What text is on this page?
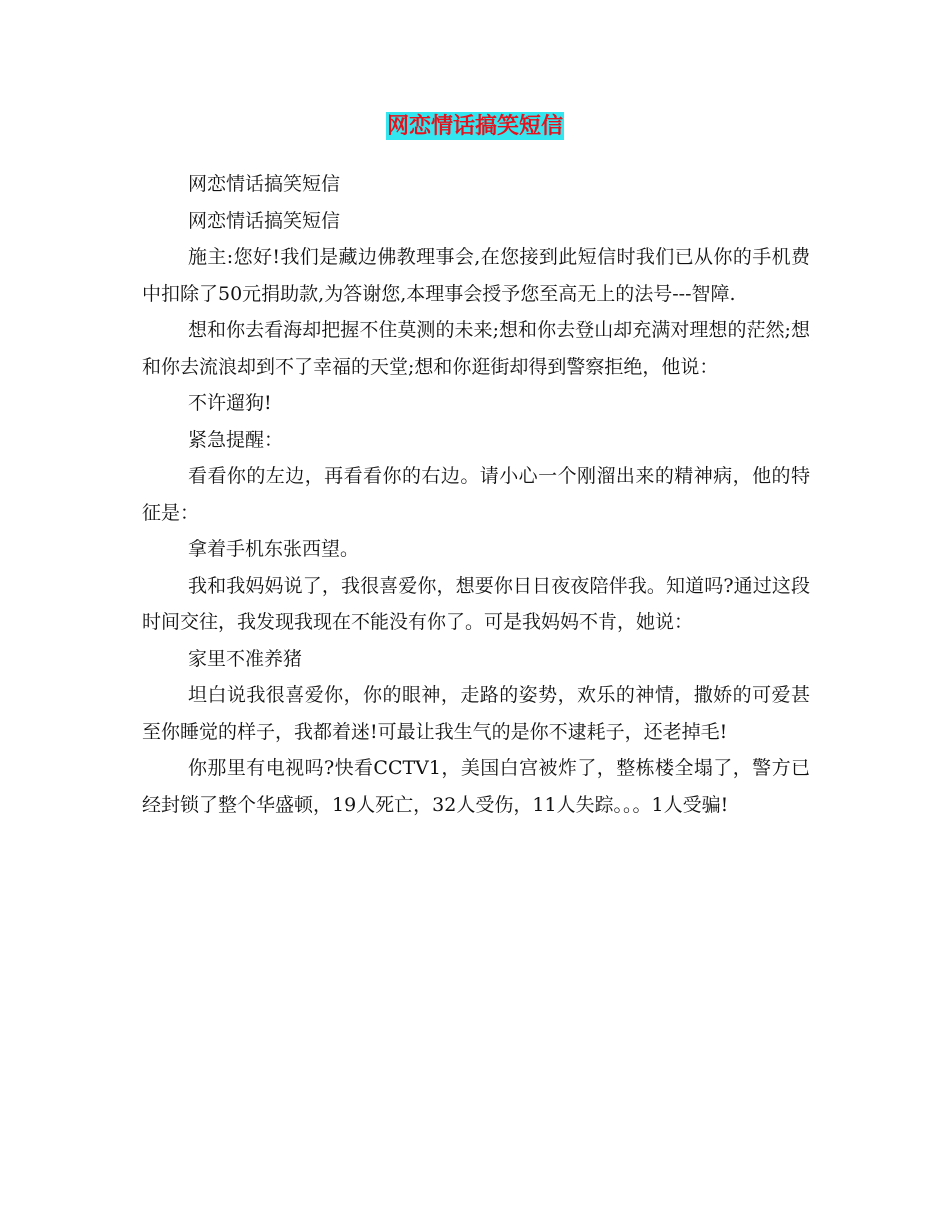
网恋情话搞笑短信

网恋情话搞笑短信

网恋情话搞笑短信

施主:您好!我们是藏边佛教理事会,在您接到此短信时我们已从你的手机费中扣除了50元捐助款,为答谢您,本理事会授予您至高无上的法号---智障.

想和你去看海却把握不住莫测的未来;想和你去登山却充满对理想的茫然;想和你去流浪却到不了幸福的天堂;想和你逛街却得到警察拒绝，他说：

不许遛狗!

紧急提醒：

看看你的左边，再看看你的右边。请小心一个刚溜出来的精神病，他的特征是：

拿着手机东张西望。

我和我妈妈说了，我很喜爱你，想要你日日夜夜陪伴我。知道吗?通过这段时间交往，我发现我现在不能没有你了。可是我妈妈不肯，她说：

家里不准养猪

坦白说我很喜爱你，你的眼神，走路的姿势，欢乐的神情，撒娇的可爱甚至你睡觉的样子，我都着迷!可最让我生气的是你不逮耗子，还老掉毛!

你那里有电视吗?快看CCTV1，美国白宫被炸了，整栋楼全塌了，警方已经封锁了整个华盛顿，19人死亡，32人受伤，11人失踪。。。1人受骗!
